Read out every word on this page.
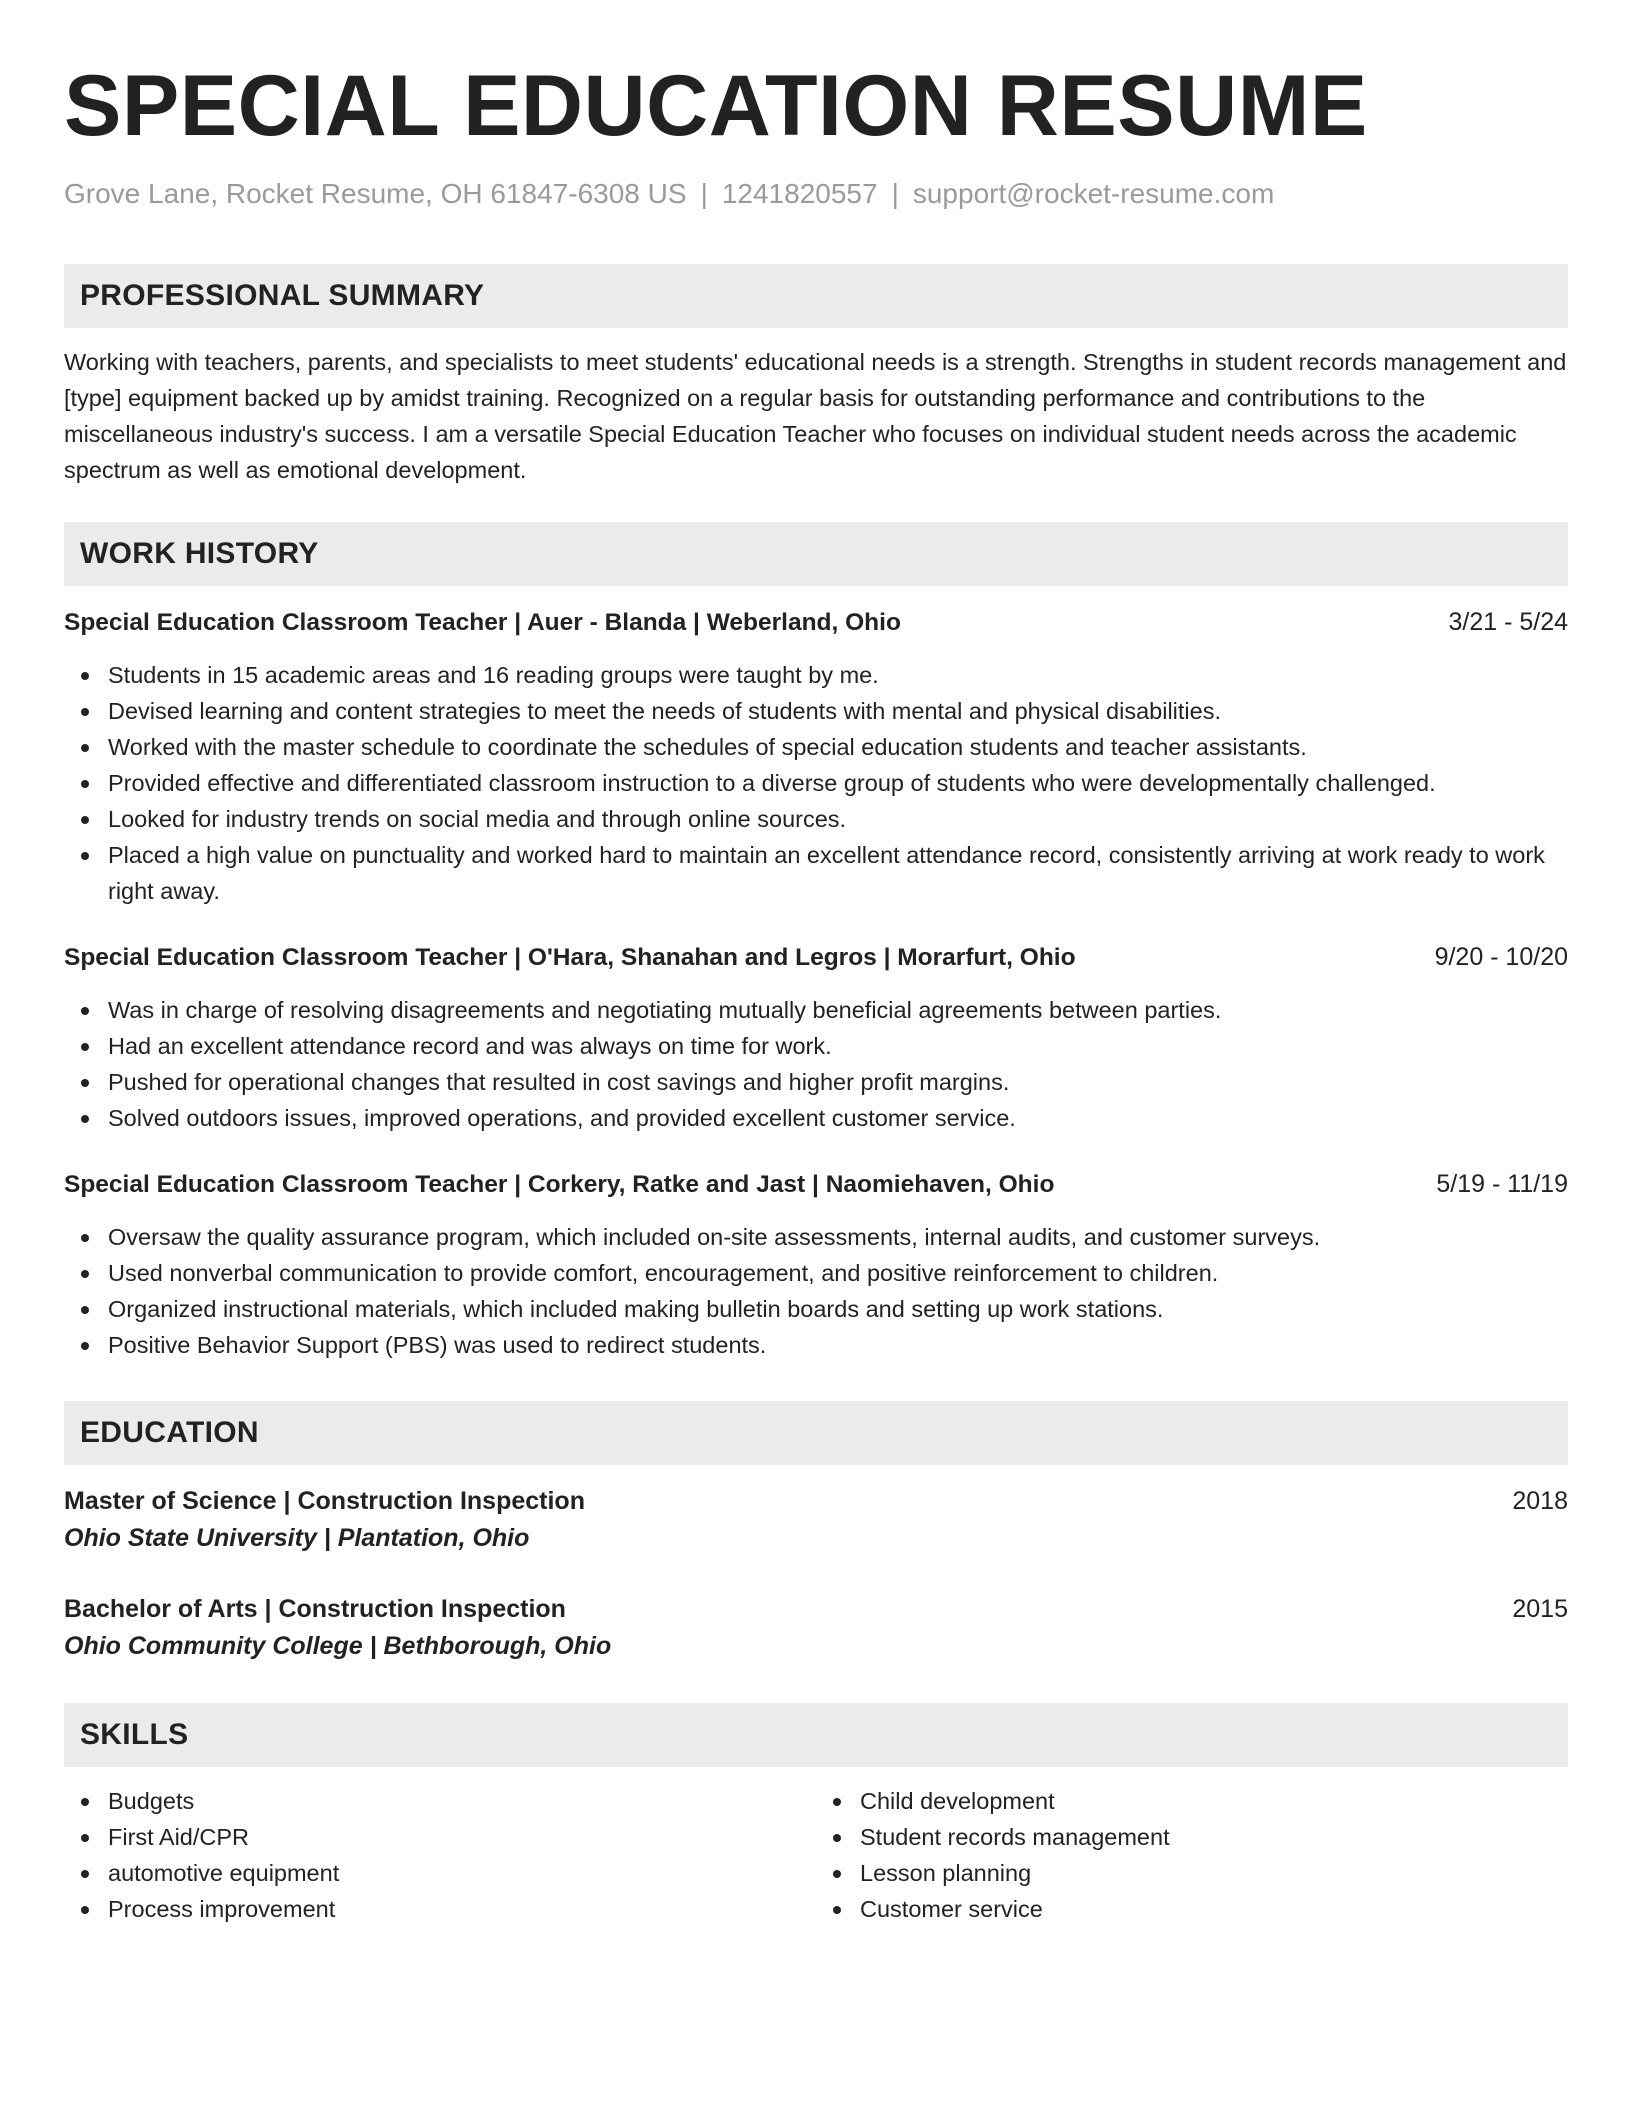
SPECIAL EDUCATION RESUME
Grove Lane, Rocket Resume, OH 61847-6308 US | 1241820557 | support@rocket-resume.com
PROFESSIONAL SUMMARY
Working with teachers, parents, and specialists to meet students' educational needs is a strength. Strengths in student records management and [type] equipment backed up by amidst training. Recognized on a regular basis for outstanding performance and contributions to the miscellaneous industry's success. I am a versatile Special Education Teacher who focuses on individual student needs across the academic spectrum as well as emotional development.
WORK HISTORY
Special Education Classroom Teacher | Auer - Blanda | Weberland, Ohio	3/21 - 5/24
Students in 15 academic areas and 16 reading groups were taught by me.
Devised learning and content strategies to meet the needs of students with mental and physical disabilities.
Worked with the master schedule to coordinate the schedules of special education students and teacher assistants.
Provided effective and differentiated classroom instruction to a diverse group of students who were developmentally challenged.
Looked for industry trends on social media and through online sources.
Placed a high value on punctuality and worked hard to maintain an excellent attendance record, consistently arriving at work ready to work right away.
Special Education Classroom Teacher | O'Hara, Shanahan and Legros | Morarfurt, Ohio	9/20 - 10/20
Was in charge of resolving disagreements and negotiating mutually beneficial agreements between parties.
Had an excellent attendance record and was always on time for work.
Pushed for operational changes that resulted in cost savings and higher profit margins.
Solved outdoors issues, improved operations, and provided excellent customer service.
Special Education Classroom Teacher | Corkery, Ratke and Jast | Naomiehaven, Ohio	5/19 - 11/19
Oversaw the quality assurance program, which included on-site assessments, internal audits, and customer surveys.
Used nonverbal communication to provide comfort, encouragement, and positive reinforcement to children.
Organized instructional materials, which included making bulletin boards and setting up work stations.
Positive Behavior Support (PBS) was used to redirect students.
EDUCATION
Master of Science | Construction Inspection	2018
Ohio State University | Plantation, Ohio
Bachelor of Arts | Construction Inspection	2015
Ohio Community College | Bethborough, Ohio
SKILLS
Budgets
First Aid/CPR
automotive equipment
Process improvement
Child development
Student records management
Lesson planning
Customer service
